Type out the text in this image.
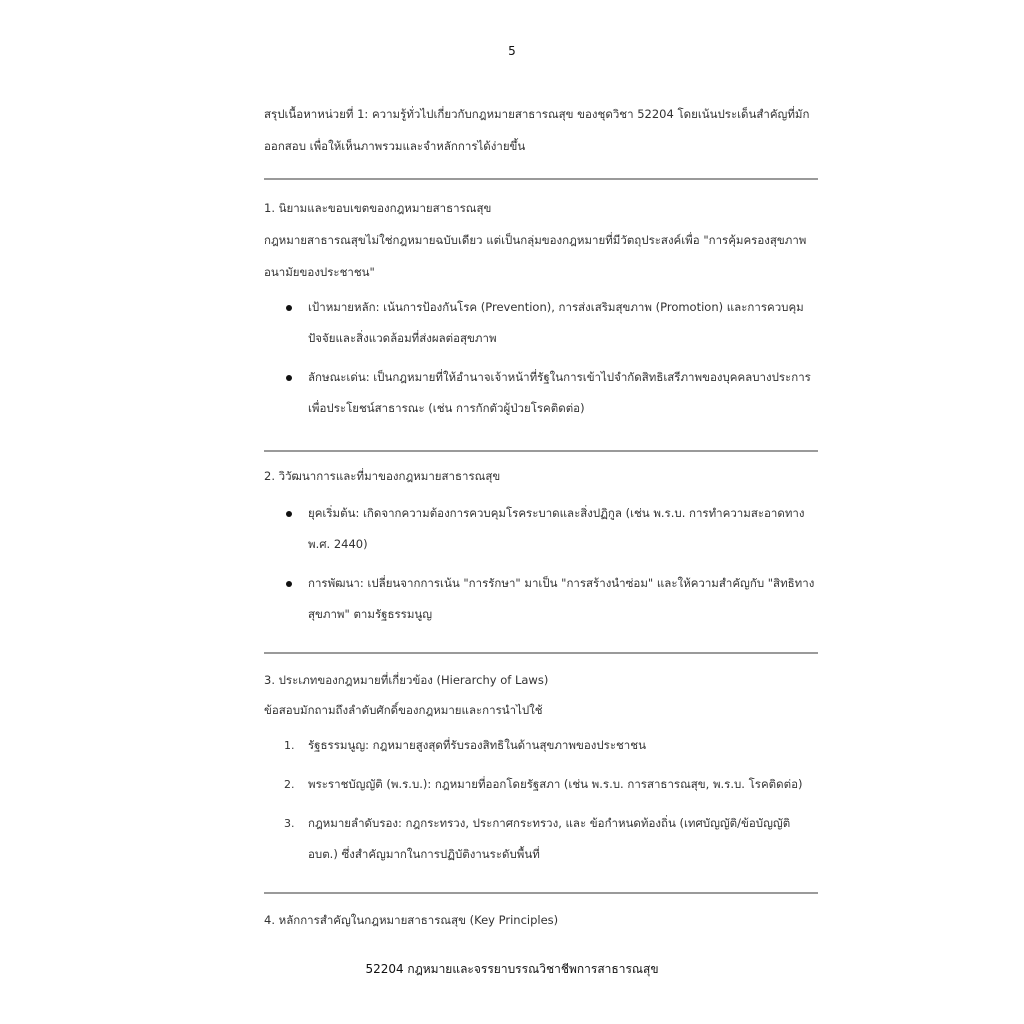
5

สรุปเนื้อหาหน่วยที่ 1: ความรู้ทั่วไปเกี่ยวกับกฎหมายสาธารณสุข ของชุดวิชา 52204 โดยเน้นประเด็นสำคัญที่มักออกสอบ เพื่อให้เห็นภาพรวมและจำหลักการได้ง่ายขึ้น

1. นิยามและขอบเขตของกฎหมายสาธารณสุข

กฎหมายสาธารณสุขไม่ใช่กฎหมายฉบับเดียว แต่เป็นกลุ่มของกฎหมายที่มีวัตถุประสงค์เพื่อ "การคุ้มครองสุขภาพอนามัยของประชาชน"

เป้าหมายหลัก: เน้นการป้องกันโรค (Prevention), การส่งเสริมสุขภาพ (Promotion) และการควบคุมปัจจัยและสิ่งแวดล้อมที่ส่งผลต่อสุขภาพ
ลักษณะเด่น: เป็นกฎหมายที่ให้อำนาจเจ้าหน้าที่รัฐในการเข้าไปจำกัดสิทธิเสรีภาพของบุคคลบางประการ เพื่อประโยชน์สาธารณะ (เช่น การกักตัวผู้ป่วยโรคติดต่อ)

2. วิวัฒนาการและที่มาของกฎหมายสาธารณสุข

ยุคเริ่มต้น: เกิดจากความต้องการควบคุมโรคระบาดและสิ่งปฏิกูล (เช่น พ.ร.บ. การทำความสะอาดทาง พ.ศ. 2440)
การพัฒนา: เปลี่ยนจากการเน้น "การรักษา" มาเป็น "การสร้างนำซ่อม" และให้ความสำคัญกับ "สิทธิทางสุขภาพ" ตามรัฐธรรมนูญ

3. ประเภทของกฎหมายที่เกี่ยวข้อง (Hierarchy of Laws)

ข้อสอบมักถามถึงลำดับศักดิ์ของกฎหมายและการนำไปใช้

1. รัฐธรรมนูญ: กฎหมายสูงสุดที่รับรองสิทธิในด้านสุขภาพของประชาชน
2. พระราชบัญญัติ (พ.ร.บ.): กฎหมายที่ออกโดยรัฐสภา (เช่น พ.ร.บ. การสาธารณสุข, พ.ร.บ. โรคติดต่อ)
3. กฎหมายลำดับรอง: กฎกระทรวง, ประกาศกระทรวง, และ ข้อกำหนดท้องถิ่น (เทศบัญญัติ/ข้อบัญญัติ อบต.) ซึ่งสำคัญมากในการปฏิบัติงานระดับพื้นที่

4. หลักการสำคัญในกฎหมายสาธารณสุข (Key Principles)

52204 กฎหมายและจรรยาบรรณวิชาชีพการสาธารณสุข
